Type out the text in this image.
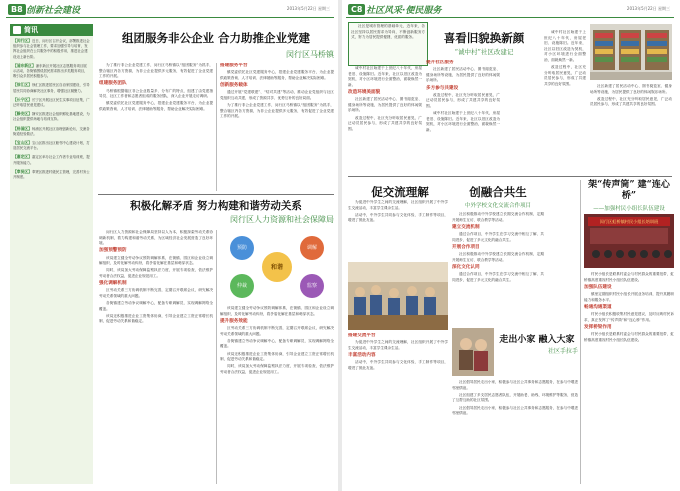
B8 创新社会建设	2013年5月22日 星期三
简讯
【闵行区】近日，闵行区召开会议，部署推进社会组织参与社会管理工作，要求加强引导与培育，发挥社会组织在公共服务中的积极作用，推进社会建设迈上新台阶。
【浦东新区】浦东新区开展社区志愿服务项目展示活动，各街镇围绕居民需求推出多类服务项目，吸引众多居民积极参与。
【徐汇区】徐汇区推进居民区自治家园建设，引导居民共同协商解决社区事务，增强社区凝聚力。
【长宁区】长宁区开展社区民生实事项目征集，广泛听取居民意见建议。
【静安区】静安区推进社会组织孵化基地建设，为社会组织提供场地与培训支持。
【杨浦区】杨浦区开展社区治理创新论坛，交流各街道经验做法。
【宝山区】宝山区推出社区睦邻中心建设计划，打造居民交流平台。
【嘉定区】嘉定区举办社会工作者专业培训班，提升服务能力。
【奉贤区】奉贤区推进村级民主管理，完善村务公开制度。
组团服务非公企业 合力助推企业党建
闵行区马桥镇

为了推行非公企业党建工作，闵行区马桥镇以“组团服务”为抓手，整合辖区内各方资源，为非公企业提供多元服务，有效促进了企业党建工作的开展。

组建服务团队

马桥镇根据辖区非公企业数量多、分布广的特点，组建了由党建指导员、社区工作者和志愿者组成的服务团队，深入企业开展走访调研。

镇党委依托社区党建服务中心，搭建企业党建服务平台，为企业提供政策咨询、人才培训、法律援助等服务，帮助企业解决实际困难。

搭建服务平台

镇党委依托社区党建服务中心，搭建企业党建服务平台，为企业提供政策咨询、人才培训、法律援助等服务，帮助企业解决实际困难。

创新服务载体

通过开展“党建联建”、“结对共建”等活动，推动企业党组织与社区党组织互动共建，形成了资源共享、优势互补的良好局面。

为了推行非公企业党建工作，闵行区马桥镇以“组团服务”为抓手，整合辖区内各方资源，为非公企业提供多元服务，有效促进了企业党建工作的开展。

积极化解矛盾 努力构建和谐劳动关系
闵行区人力资源和社会保障局

闵行区人力资源和社会保障局坚持以人为本，积极探索劳动关系协调新机制，着力构建和谐劳动关系，为区域经济社会发展营造了良好环境。

加强预警预防

该局建立健全劳动争议预防调解体系，在街镇、园区和企业设立调解组织，及时化解劳动纠纷，将矛盾化解在基层和萌芽状态。

同时，该局加大劳动保障监察执法力度，开展专项检查，依法维护劳动者合法权益，促进企业规范用工。

强化调解机制

区劳动关系三方协调机制不断完善，定期召开联席会议，研究解决劳动关系领域的重大问题。

各街镇建立劳动争议调解中心，配备专职调解员，实现调解网络全覆盖。

该局还积极推进企业工资集体协商，引导企业建立工资正常增长机制，促进劳动关系和谐稳定。

和谐
预防	调解
仲裁	监察

该局建立健全劳动争议预防调解体系，在街镇、园区和企业设立调解组织，及时化解劳动纠纷，将矛盾化解在基层和萌芽状态。

提升服务效能

区劳动关系三方协调机制不断完善，定期召开联席会议，研究解决劳动关系领域的重大问题。

各街镇建立劳动争议调解中心，配备专职调解员，实现调解网络全覆盖。

该局还积极推进企业工资集体协商，引导企业建立工资正常增长机制，促进劳动关系和谐稳定。

同时，该局加大劳动保障监察执法力度，开展专项检查，依法维护劳动者合法权益，促进企业规范用工。

C8 社区风采·便民服务	2013年5月22日 星期三

社区是城市管理的基础单元，近年来，各社区坚持以居民需求为导向，不断创新服务方式，努力为居民提供便捷、优质的服务。	喜看旧貌换新颜
“诚中村”社区改建记

诚中村社区始建于上世纪八十年代，房屋老旧、设施陈旧。近年来，社区以旧区改造为契机，对小区环境进行全面整治，面貌焕然一新。

改造环境美面貌

社区新建了居民活动中心、图书阅览室、健身场所等设施，为居民提供了良好的休闲娱乐场所。

改造过程中，社区充分听取居民意见，广泛动员居民参与，形成了共建共享的良好氛围。

提升社区服务

社区新建了居民活动中心、图书阅览室、健身场所等设施，为居民提供了良好的休闲娱乐场所。

多方参与共建设

改造过程中，社区充分听取居民意见，广泛动员居民参与，形成了共建共享的良好氛围。

诚中村社区始建于上世纪八十年代，房屋老旧、设施陈旧。近年来，社区以旧区改造为契机，对小区环境进行全面整治，面貌焕然一新。

诚中村社区始建于上世纪八十年代，房屋老旧、设施陈旧。近年来，社区以旧区改造为契机，对小区环境进行全面整治，面貌焕然一新。

改造过程中，社区充分听取居民意见，广泛动员居民参与，形成了共建共享的良好氛围。

社区新建了居民活动中心、图书阅览室、健身场所等设施，为居民提供了良好的休闲娱乐场所。

改造过程中，社区充分听取居民意见，广泛动员居民参与，形成了共建共享的良好氛围。

促交流理解	创融合共生
中外学校文化交流合作项目

为促进中外学生之间的交流理解，社区组织开展了中外学生交流活动，丰富学生课余生活。

活动中，中外学生共同参与文化体验、手工制作等项目，增进了彼此友谊。

搭建交流平台

为促进中外学生之间的交流理解，社区组织开展了中外学生交流活动，丰富学生课余生活。

丰富活动内容

活动中，中外学生共同参与文化体验、手工制作等项目，增进了彼此友谊。

社区积极推动中外学校建立长期交流合作机制，定期开展师生互访、联合教学等活动。

建立交流机制

通过合作项目，中外学生在学习交流中相互了解、共同进步，促进了多元文化的融合共生。

开展合作项目

社区积极推动中外学校建立长期交流合作机制，定期开展师生互访、联合教学等活动。

深化文化认同

通过合作项目，中外学生在学习交流中相互了解、共同进步，促进了多元文化的融合共生。

走出小家 融入大家
社区手拉手

社区倡导居民走出小家，积极参与社区公共事务和志愿服务，在参与中增进邻里情谊。

社区组建了多支居民志愿者队伍，开展助老、助残、环境维护等服务，营造了互帮互助的社区氛围。

社区倡导居民走出小家，积极参与社区公共事务和志愿服务，在参与中增进邻里情谊。

架“传声筒” 建“连心桥”
——加强村民小组长队伍建设
闵行区虹桥镇村民小组长培训班

村民小组长是联系村委会与村民群众的重要纽带，虹桥镇高度重视村民小组长队伍建设。

加强队伍建设

镇里定期组织村民小组长开展业务培训，提升其履职能力和服务水平。

畅通沟通渠道

村民小组长积极收集村民意见建议，及时反映村民诉求，真正发挥了“传声筒”和“连心桥”作用。

发挥桥梁作用

村民小组长是联系村委会与村民群众的重要纽带，虹桥镇高度重视村民小组长队伍建设。
